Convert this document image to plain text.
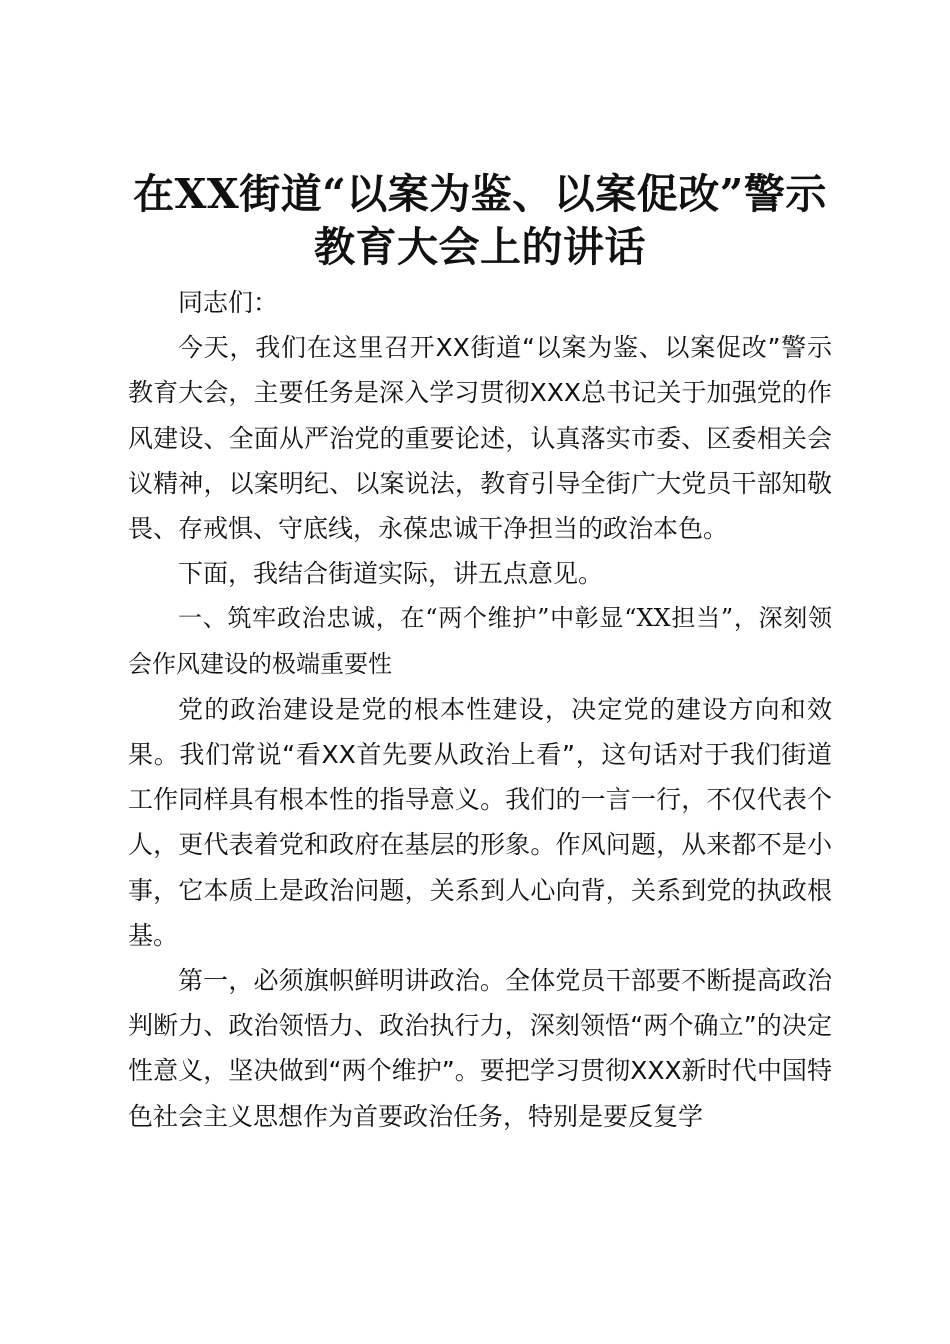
在XX街道“以案为鉴、以案促改”警示教育大会上的讲话

同志们：

今天，我们在这里召开XX街道“以案为鉴、以案促改”警示教育大会，主要任务是深入学习贯彻XXX总书记关于加强党的作风建设、全面从严治党的重要论述，认真落实市委、区委相关会议精神，以案明纪、以案说法，教育引导全街广大党员干部知敬畏、存戒惧、守底线，永葆忠诚干净担当的政治本色。

下面，我结合街道实际，讲五点意见。

一、筑牢政治忠诚，在“两个维护”中彰显“XX担当”，深刻领会作风建设的极端重要性

党的政治建设是党的根本性建设，决定党的建设方向和效果。我们常说“看XX首先要从政治上看”，这句话对于我们街道工作同样具有根本性的指导意义。我们的一言一行，不仅代表个人，更代表着党和政府在基层的形象。作风问题，从来都不是小事，它本质上是政治问题，关系到人心向背，关系到党的执政根基。

第一，必须旗帜鲜明讲政治。全体党员干部要不断提高政治判断力、政治领悟力、政治执行力，深刻领悟“两个确立”的决定性意义，坚决做到“两个维护”。要把学习贯彻XXX新时代中国特色社会主义思想作为首要政治任务，特别是要反复学
